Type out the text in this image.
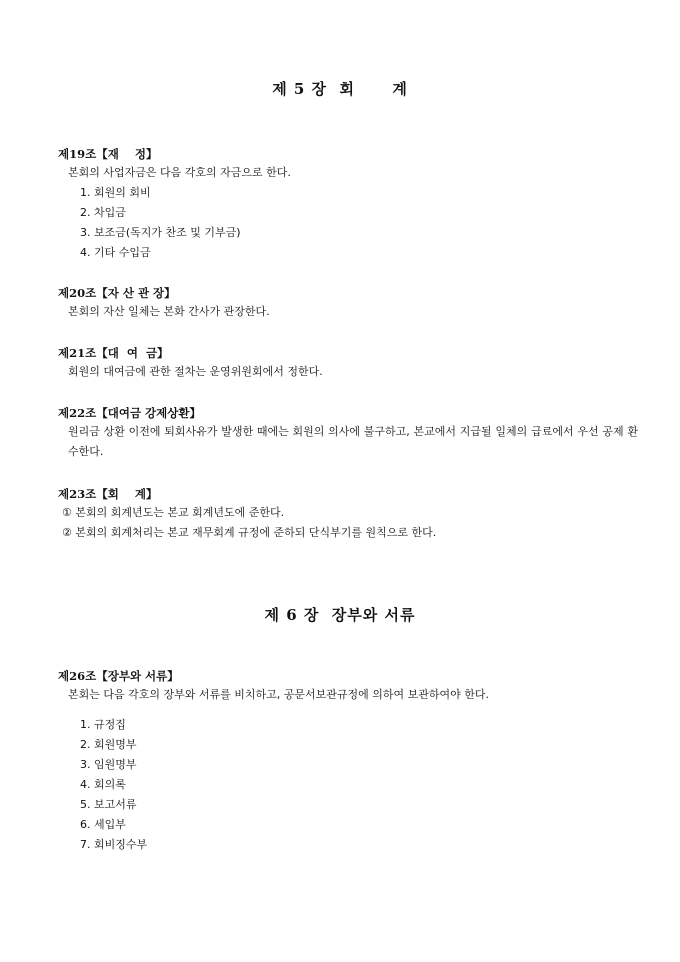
제 5 장  회      계
제19조【재    정】
본회의 사업자금은 다음 각호의 자금으로 한다.
1. 회원의 회비
2. 차입금
3. 보조금(독지가 찬조 및 기부금)
4. 기타 수입금
제20조【자 산 관 장】
본회의 자산 일체는 본화 간사가 관장한다.
제21조【대  여  금】
회원의 대여금에 관한 절차는 운영위원회에서 정한다.
제22조【대여금 강제상환】
원리금 상환 이전에 퇴회사유가 발생한 때에는 회원의 의사에 불구하고, 본교에서 지급될 일체의 급료에서 우선 공제 환수한다.
제23조【회    계】
① 본회의 회계년도는 본교 회계년도에 준한다.
② 본회의 회계처리는 본교 재무회계 규정에 준하되 단식부기를 원칙으로 한다.
제 6 장  장부와 서류
제26조【장부와 서류】
본회는 다음 각호의 장부와 서류를 비치하고, 공문서보관규정에 의하여 보관하여야 한다.
1. 규정집
2. 회원명부
3. 임원명부
4. 회의록
5. 보고서류
6. 세입부
7. 회비징수부
